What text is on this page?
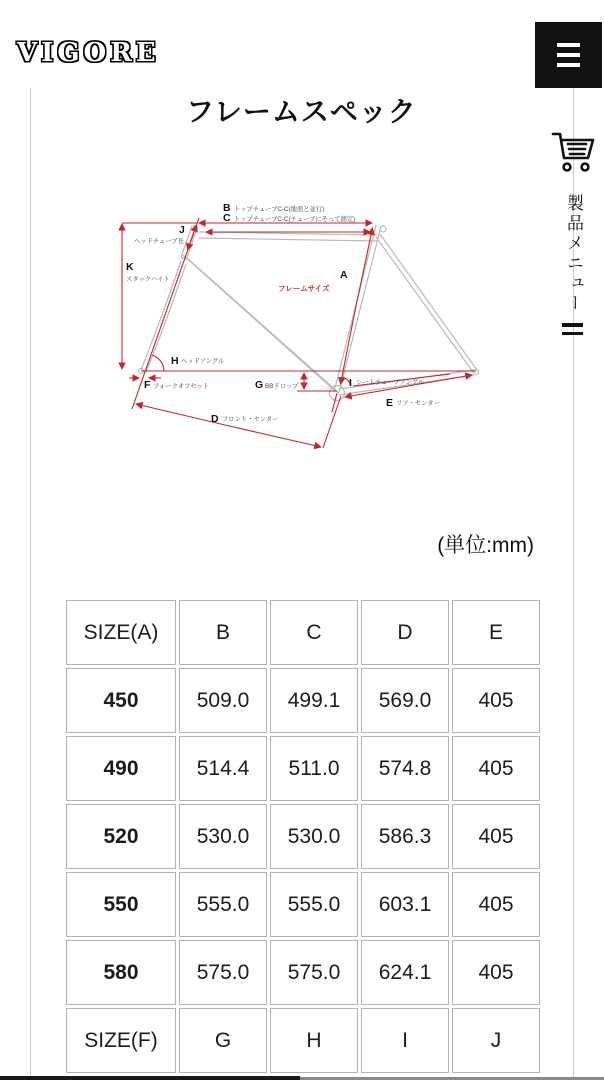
VIGORE
製品メニュー
フレームスペック
B トップチューブC-C(地面と並行)
C トップチューブC-C(チューブにそって測定)
J
ヘッドチューブ長
K
スタックハイト	A
フレームサイズ
H ヘッドアングル
F フォークオフセット	G BBドロップ	I シートチューブアングル
E リア・センター
D フロント・センター
(単位:mm)
SIZE(A)	B	C	D	E
450	509.0	499.1	569.0	405
490	514.4	511.0	574.8	405
520	530.0	530.0	586.3	405
550	555.0	555.0	603.1	405
580	575.0	575.0	624.1	405
SIZE(F)	G	H	I	J
